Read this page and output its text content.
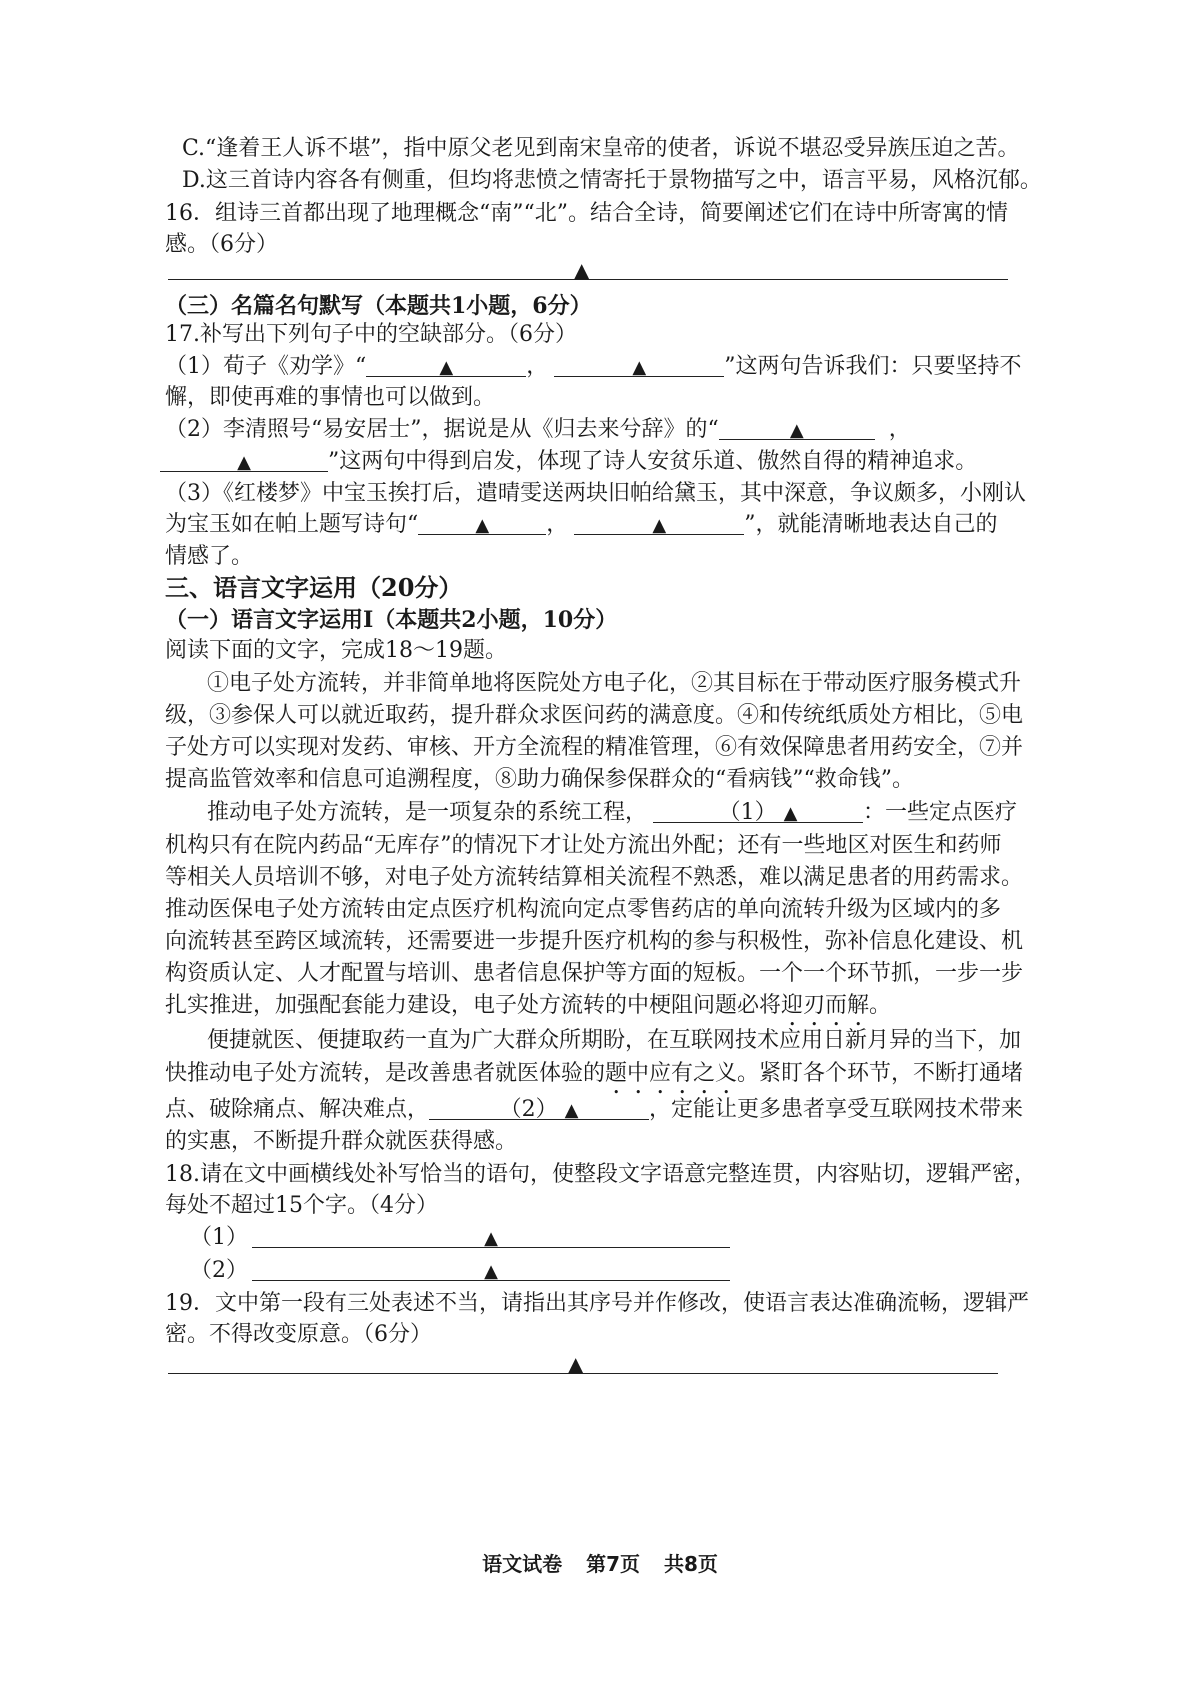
C.“逢着王人诉不堪”，指中原父老见到南宋皇帝的使者，诉说不堪忍受异族压迫之苦。
D.这三首诗内容各有侧重，但均将悲愤之情寄托于景物描写之中，语言平易，风格沉郁。
16．组诗三首都出现了地理概念“南”“北”。结合全诗，简要阐述它们在诗中所寄寓的情
感。（6分）
▲
（三）名篇名句默写（本题共1小题，6分）
17.补写出下列句子中的空缺部分。（6分）
（1）荀子《劝学》“	▲	，	▲	”这两句告诉我们：只要坚持不
懈，即使再难的事情也可以做到。
（2）李清照号“易安居士”，据说是从《归去来兮辞》的“	▲	，
▲	”这两句中得到启发，体现了诗人安贫乐道、傲然自得的精神追求。
（3）《红楼梦》中宝玉挨打后，遣晴雯送两块旧帕给黛玉，其中深意，争议颇多，小刚认
为宝玉如在帕上题写诗句“	▲	，	▲	”，就能清晰地表达自己的
情感了。
三、语言文字运用（20分）
（一）语言文字运用Ⅰ（本题共2小题，10分）
阅读下面的文字，完成18～19题。
①电子处方流转，并非简单地将医院处方电子化，②其目标在于带动医疗服务模式升
级，③参保人可以就近取药，提升群众求医问药的满意度。④和传统纸质处方相比，⑤电
子处方可以实现对发药、审核、开方全流程的精准管理，⑥有效保障患者用药安全，⑦并
提高监管效率和信息可追溯程度，⑧助力确保参保群众的“看病钱”“救命钱”。
推动电子处方流转，是一项复杂的系统工程，	（1） ▲	：一些定点医疗
机构只有在院内药品“无库存”的情况下才让处方流出外配；还有一些地区对医生和药师
等相关人员培训不够，对电子处方流转结算相关流程不熟悉，难以满足患者的用药需求。
推动医保电子处方流转由定点医疗机构流向定点零售药店的单向流转升级为区域内的多
向流转甚至跨区域流转，还需要进一步提升医疗机构的参与积极性，弥补信息化建设、机
构资质认定、人才配置与培训、患者信息保护等方面的短板。一个一个环节抓，一步一步
扎实推进，加强配套能力建设，电子处方流转的中梗阻问题必将迎刃而解。
便捷就医、便捷取药一直为广大群众所期盼，在互联网技术应用日新月异的当下，加
快推动电子处方流转，是改善患者就医体验的题中应有之义。紧盯各个环节，不断打通堵
点、破除痛点、解决难点，	（2） ▲	，定能让更多患者享受互联网技术带来
的实惠，不断提升群众就医获得感。
18.请在文中画横线处补写恰当的语句，使整段文字语意完整连贯，内容贴切，逻辑严密，
每处不超过15个字。（4分）
（1）	▲
（2）	▲
19．文中第一段有三处表述不当，请指出其序号并作修改，使语言表达准确流畅，逻辑严
密。不得改变原意。（6分）
▲
语文试卷 第7页 共8页
